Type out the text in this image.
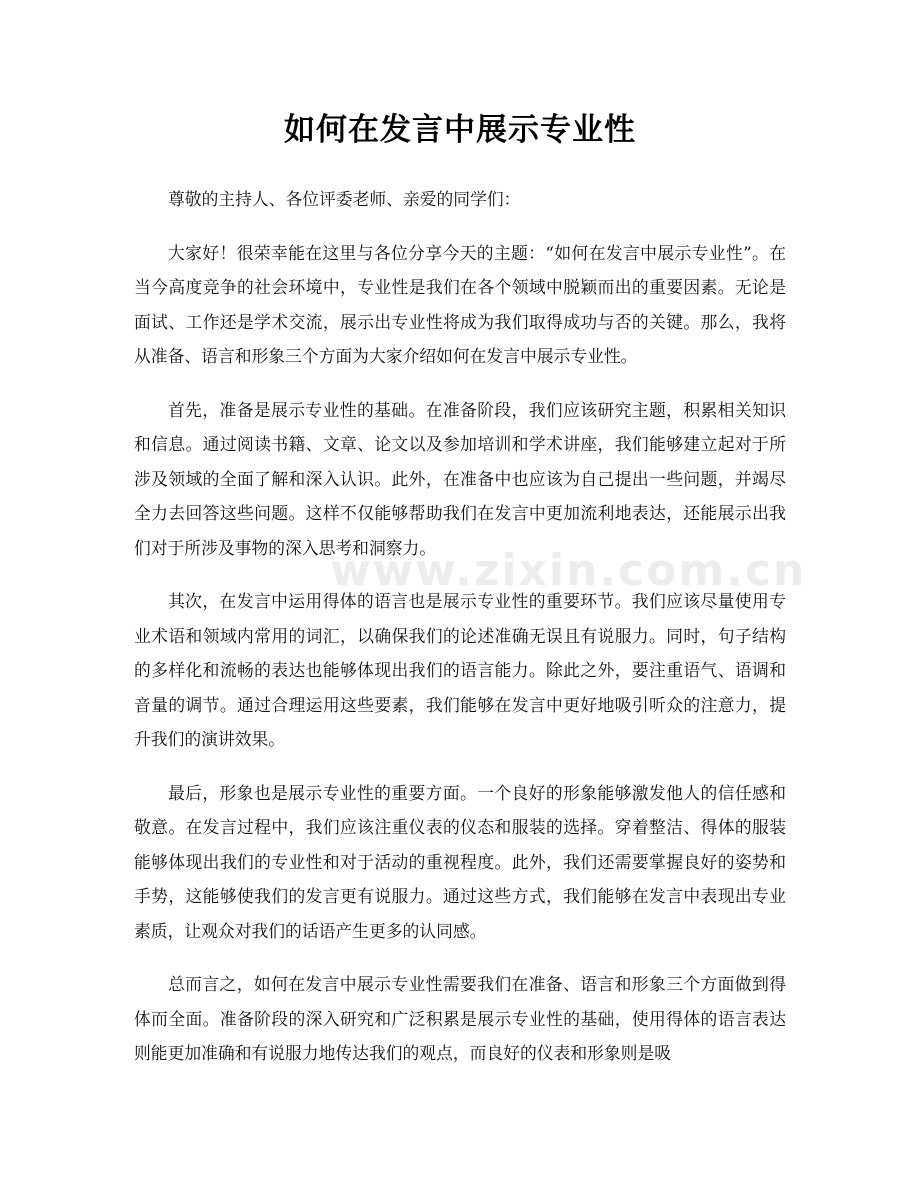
如何在发言中展示专业性
www.zixin.com.cn

尊敬的主持人、各位评委老师、亲爱的同学们：

大家好！很荣幸能在这里与各位分享今天的主题：“如何在发言中展示专业性”。在当今高度竞争的社会环境中，专业性是我们在各个领域中脱颖而出的重要因素。无论是面试、工作还是学术交流，展示出专业性将成为我们取得成功与否的关键。那么，我将从准备、语言和形象三个方面为大家介绍如何在发言中展示专业性。

首先，准备是展示专业性的基础。在准备阶段，我们应该研究主题，积累相关知识和信息。通过阅读书籍、文章、论文以及参加培训和学术讲座，我们能够建立起对于所涉及领域的全面了解和深入认识。此外，在准备中也应该为自己提出一些问题，并竭尽全力去回答这些问题。这样不仅能够帮助我们在发言中更加流利地表达，还能展示出我们对于所涉及事物的深入思考和洞察力。

其次，在发言中运用得体的语言也是展示专业性的重要环节。我们应该尽量使用专业术语和领域内常用的词汇，以确保我们的论述准确无误且有说服力。同时，句子结构的多样化和流畅的表达也能够体现出我们的语言能力。除此之外，要注重语气、语调和音量的调节。通过合理运用这些要素，我们能够在发言中更好地吸引听众的注意力，提升我们的演讲效果。

最后，形象也是展示专业性的重要方面。一个良好的形象能够激发他人的信任感和敬意。在发言过程中，我们应该注重仪表的仪态和服装的选择。穿着整洁、得体的服装能够体现出我们的专业性和对于活动的重视程度。此外，我们还需要掌握良好的姿势和手势，这能够使我们的发言更有说服力。通过这些方式，我们能够在发言中表现出专业素质，让观众对我们的话语产生更多的认同感。

总而言之，如何在发言中展示专业性需要我们在准备、语言和形象三个方面做到得体而全面。准备阶段的深入研究和广泛积累是展示专业性的基础，使用得体的语言表达则能更加准确和有说服力地传达我们的观点，而良好的仪表和形象则是吸
